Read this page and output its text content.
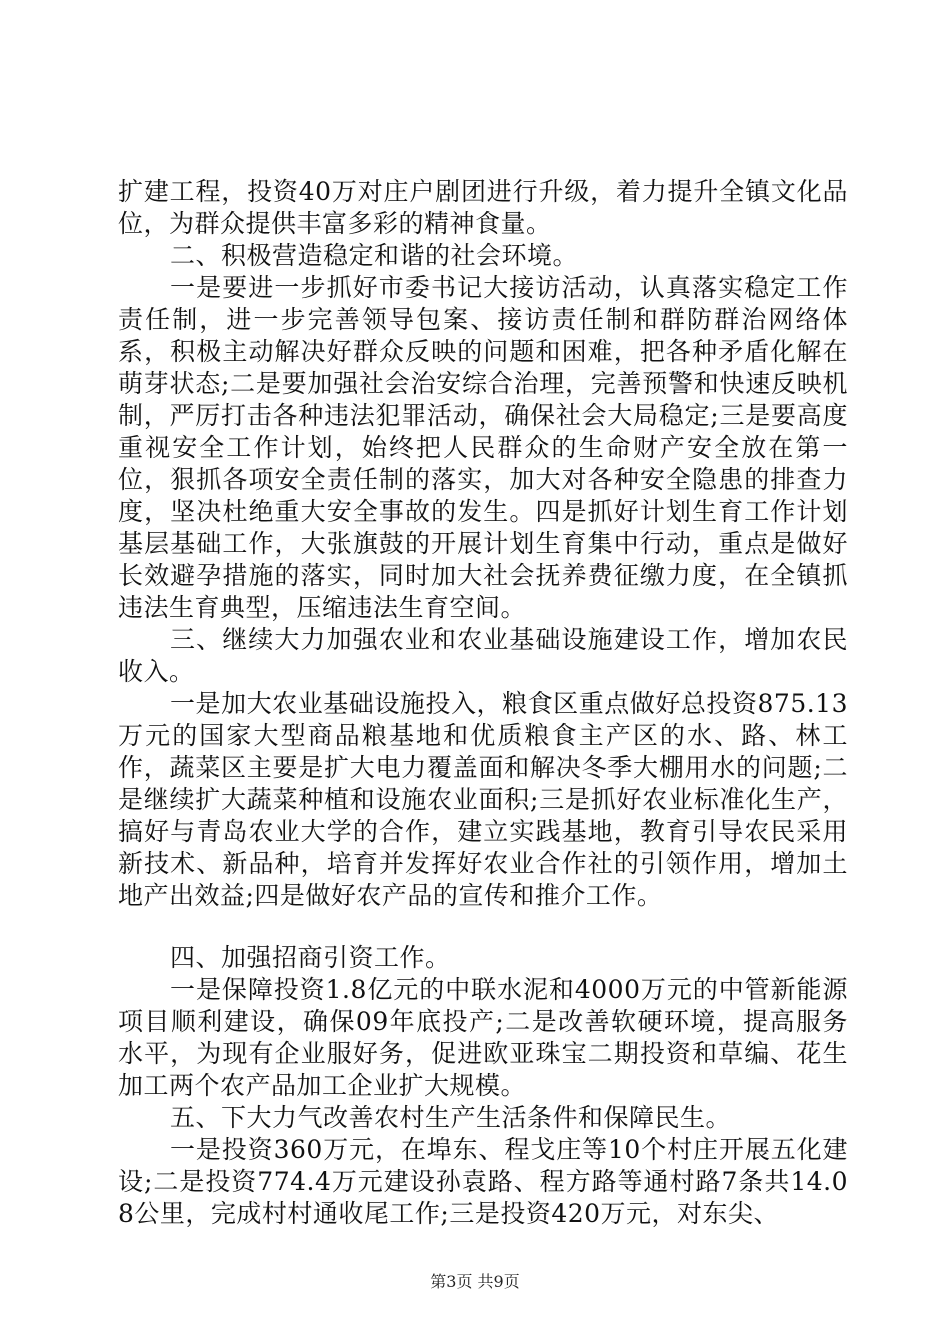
扩建工程，投资40万对庄户剧团进行升级，着力提升全镇文化品位，为群众提供丰富多彩的精神食量。

二、积极营造稳定和谐的社会环境。

一是要进一步抓好市委书记大接访活动，认真落实稳定工作责任制，进一步完善领导包案、接访责任制和群防群治网络体系，积极主动解决好群众反映的问题和困难，把各种矛盾化解在萌芽状态;二是要加强社会治安综合治理，完善预警和快速反映机制，严厉打击各种违法犯罪活动，确保社会大局稳定;三是要高度重视安全工作计划，始终把人民群众的生命财产安全放在第一位，狠抓各项安全责任制的落实，加大对各种安全隐患的排查力度，坚决杜绝重大安全事故的发生。四是抓好计划生育工作计划基层基础工作，大张旗鼓的开展计划生育集中行动，重点是做好长效避孕措施的落实，同时加大社会抚养费征缴力度，在全镇抓违法生育典型，压缩违法生育空间。

三、继续大力加强农业和农业基础设施建设工作，增加农民收入。

一是加大农业基础设施投入，粮食区重点做好总投资875.13万元的国家大型商品粮基地和优质粮食主产区的水、路、林工作，蔬菜区主要是扩大电力覆盖面和解决冬季大棚用水的问题;二是继续扩大蔬菜种植和设施农业面积;三是抓好农业标准化生产，搞好与青岛农业大学的合作，建立实践基地，教育引导农民采用新技术、新品种，培育并发挥好农业合作社的引领作用，增加土地产出效益;四是做好农产品的宣传和推介工作。

四、加强招商引资工作。

一是保障投资1.8亿元的中联水泥和4000万元的中管新能源项目顺利建设，确保09年底投产;二是改善软硬环境，提高服务水平，为现有企业服好务，促进欧亚珠宝二期投资和草编、花生加工两个农产品加工企业扩大规模。

五、下大力气改善农村生产生活条件和保障民生。

一是投资360万元，在埠东、程戈庄等10个村庄开展五化建设;二是投资774.4万元建设孙袁路、程方路等通村路7条共14.08公里，完成村村通收尾工作;三是投资420万元，对东尖、

第3页 共9页
